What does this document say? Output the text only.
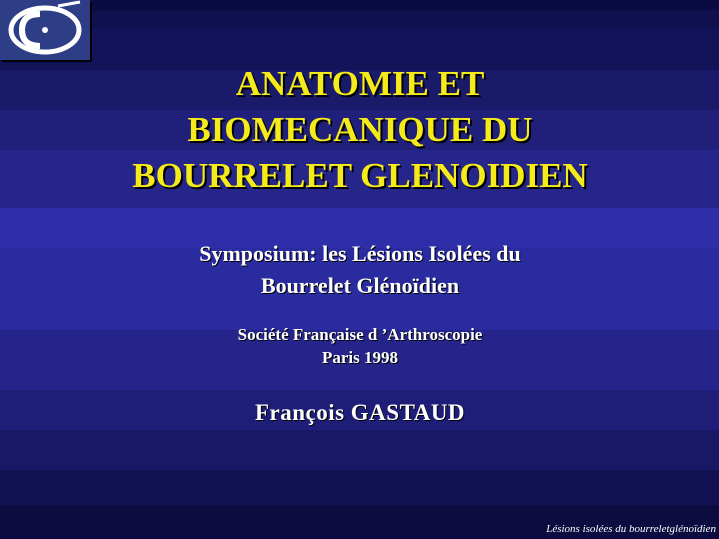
ANATOMIE ET
BIOMECANIQUE DU
BOURRELET GLENOIDIEN
Symposium: les Lésions Isolées du
Bourrelet Glénoïdien
Société Française d ’Arthroscopie
Paris 1998
François GASTAUD
Lésions isolées du bourreletglénoïdien
